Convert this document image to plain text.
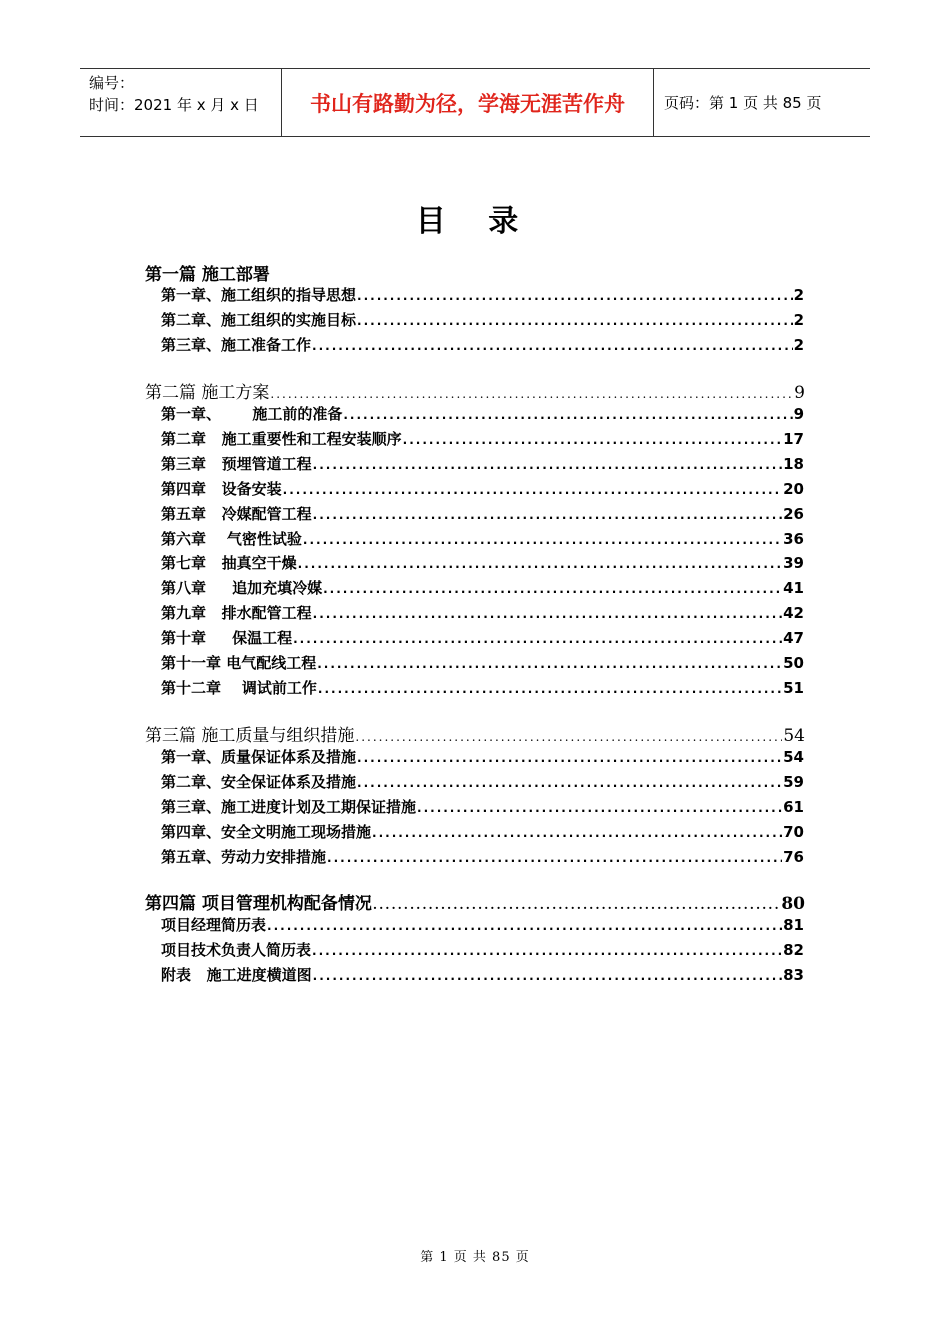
编号：
时间：2021 年 x 月 x 日	书山有路勤为径，学海无涯苦作舟	页码：第 1 页 共 85 页
目 录
第一篇 施工部署
第一章、施工组织的指导思想 .....	2
第二章、施工组织的实施目标 .....	2
第三章、施工准备工作 .....	2
第二篇 施工方案 .....	9
第一章、      施工前的准备 .....	9
第二章   施工重要性和工程安装顺序 .....	17
第三章   预埋管道工程 .....	18
第四章   设备安装 .....	20
第五章   冷媒配管工程 .....	26
第六章    气密性试验 .....	36
第七章   抽真空干燥 .....	39
第八章     追加充填冷媒 .....	41
第九章   排水配管工程 .....	42
第十章     保温工程 .....	47
第十一章 电气配线工程 .....	50
第十二章    调试前工作 .....	51
第三篇 施工质量与组织措施 .....	54
第一章、质量保证体系及措施 .....	54
第二章、安全保证体系及措施 .....	59
第三章、施工进度计划及工期保证措施 .....	61
第四章、安全文明施工现场措施 .....	70
第五章、劳动力安排措施 .....	76
第四篇 项目管理机构配备情况 .....	80
项目经理简历表 .....	81
项目技术负责人简历表 .....	82
附表   施工进度横道图 .....	83
第 1 页 共 85 页
